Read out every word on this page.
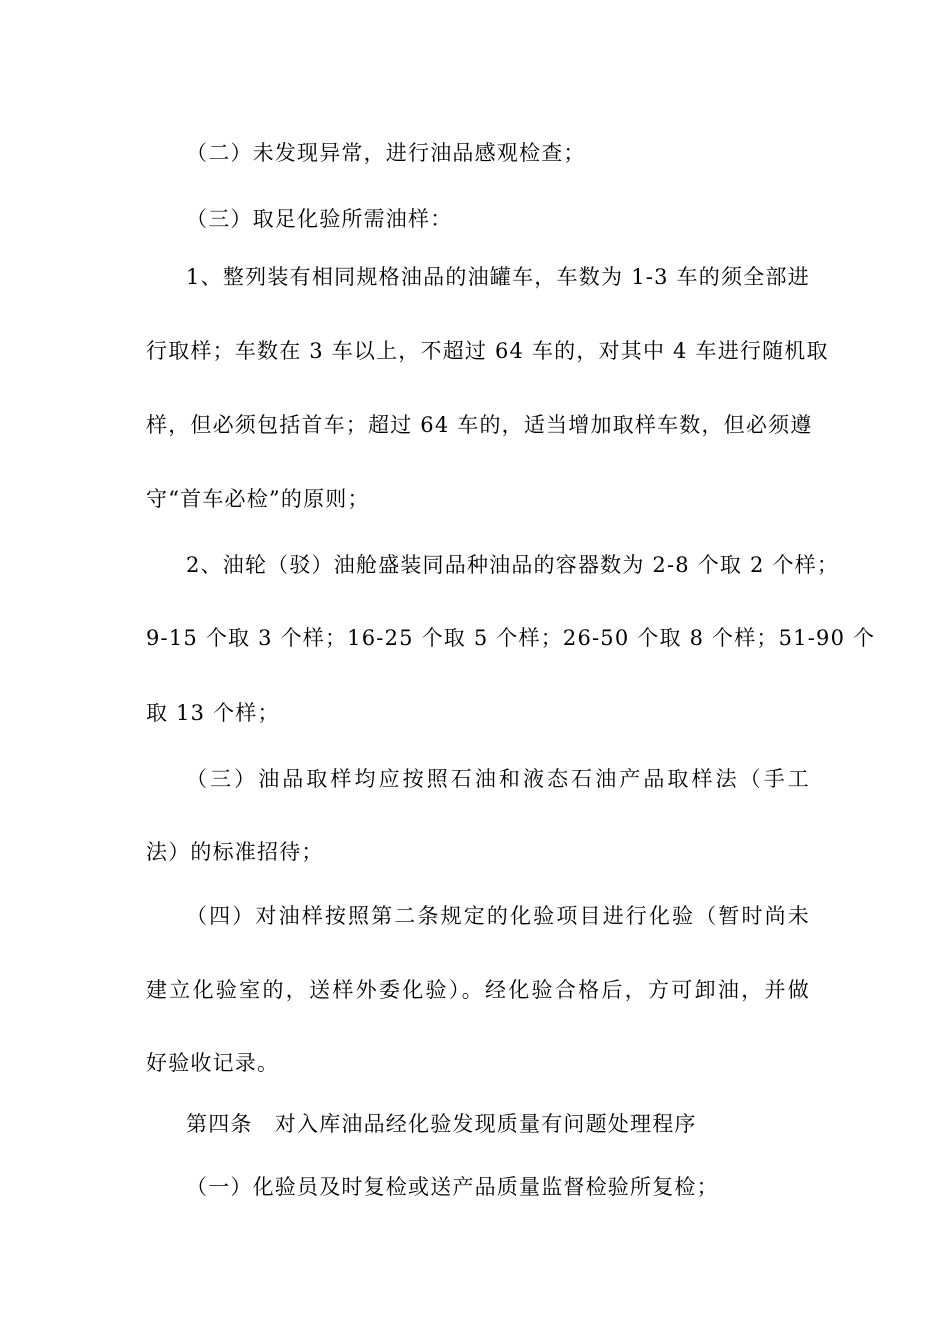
（二）未发现异常，进行油品感观检查；
（三）取足化验所需油样：
1、整列装有相同规格油品的油罐车，车数为 1-3 车的须全部进
行取样；车数在 3 车以上，不超过 64 车的，对其中 4 车进行随机取
样，但必须包括首车；超过 64 车的，适当增加取样车数，但必须遵
守“首车必检”的原则；
2、油轮（驳）油舱盛装同品种油品的容器数为 2-8 个取 2 个样；
9-15 个取 3 个样；16-25 个取 5 个样；26-50 个取 8 个样；51-90 个
取 13 个样；
（三）油品取样均应按照石油和液态石油产品取样法（手工
法）的标准招待；
（四）对油样按照第二条规定的化验项目进行化验（暂时尚未
建立化验室的，送样外委化验）。经化验合格后，方可卸油，并做
好验收记录。
第四条　对入库油品经化验发现质量有问题处理程序
（一）化验员及时复检或送产品质量监督检验所复检；
